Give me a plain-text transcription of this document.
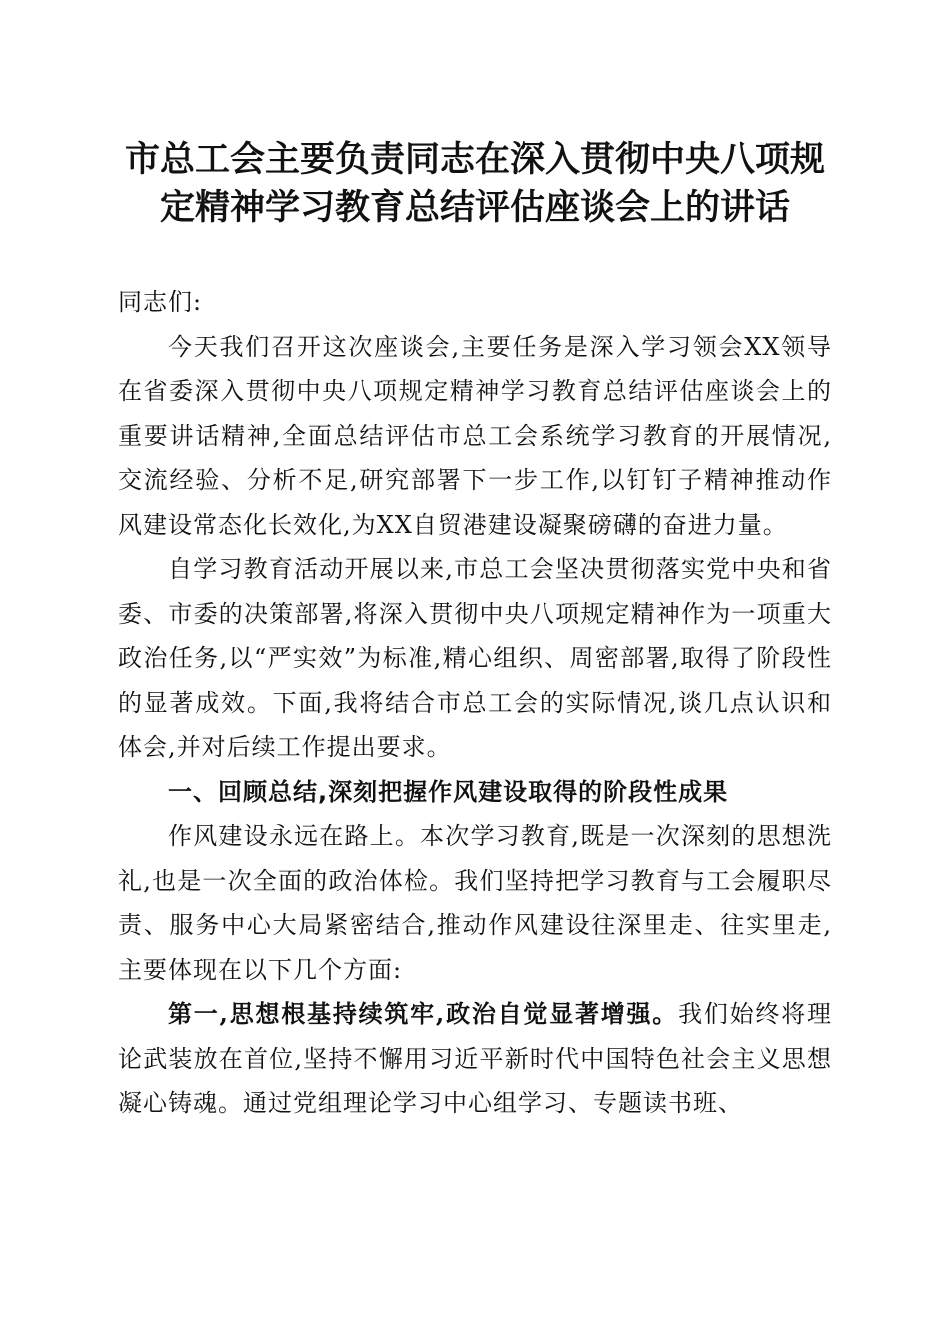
市总工会主要负责同志在深入贯彻中央八项规
定精神学习教育总结评估座谈会上的讲话

同志们:

今天我们召开这次座谈会,主要任务是深入学习领会XX领导在省委深入贯彻中央八项规定精神学习教育总结评估座谈会上的重要讲话精神,全面总结评估市总工会系统学习教育的开展情况,交流经验、分析不足,研究部署下一步工作,以钉钉子精神推动作风建设常态化长效化,为XX自贸港建设凝聚磅礴的奋进力量。

自学习教育活动开展以来,市总工会坚决贯彻落实党中央和省委、市委的决策部署,将深入贯彻中央八项规定精神作为一项重大政治任务,以“严实效”为标准,精心组织、周密部署,取得了阶段性的显著成效。下面,我将结合市总工会的实际情况,谈几点认识和体会,并对后续工作提出要求。

一、回顾总结,深刻把握作风建设取得的阶段性成果

作风建设永远在路上。本次学习教育,既是一次深刻的思想洗礼,也是一次全面的政治体检。我们坚持把学习教育与工会履职尽责、服务中心大局紧密结合,推动作风建设往深里走、往实里走,主要体现在以下几个方面:

第一,思想根基持续筑牢,政治自觉显著增强。我们始终将理论武装放在首位,坚持不懈用习近平新时代中国特色社会主义思想凝心铸魂。通过党组理论学习中心组学习、专题读书班、
